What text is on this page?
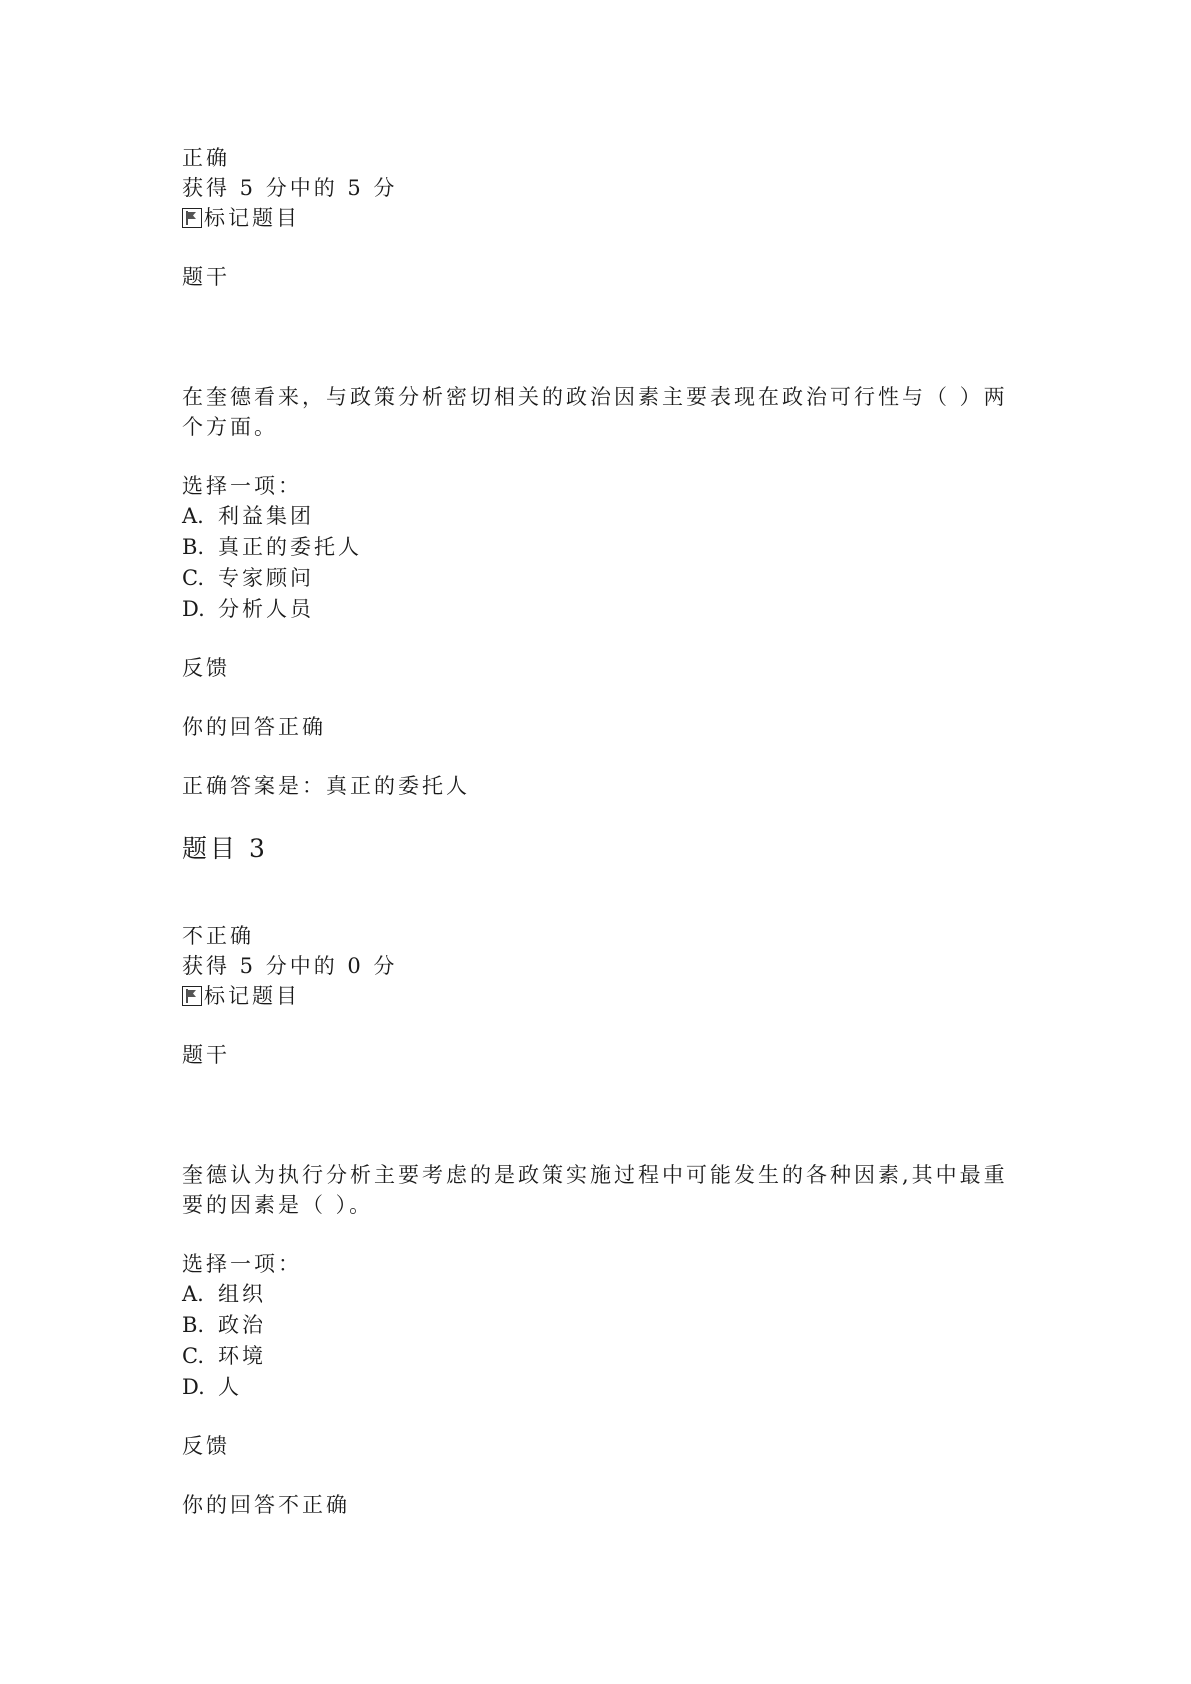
正确
获得 5 分中的 5 分
标记题目
题干
在奎德看来，与政策分析密切相关的政治因素主要表现在政治可行性与（ ）两
个方面。
选择一项：
A. 利益集团
B. 真正的委托人
C. 专家顾问
D. 分析人员
反馈
你的回答正确
正确答案是：真正的委托人
题目 3
不正确
获得 5 分中的 0 分
标记题目
题干
奎德认为执行分析主要考虑的是政策实施过程中可能发生的各种因素,其中最重
要的因素是（ ）。
选择一项：
A. 组织
B. 政治
C. 环境
D. 人
反馈
你的回答不正确
